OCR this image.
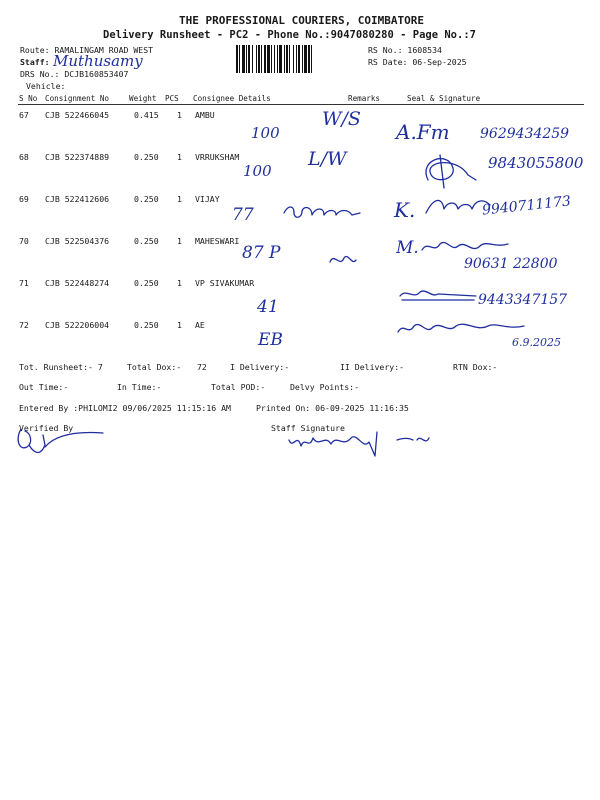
THE PROFESSIONAL COURIERS, COIMBATORE
Delivery Runsheet - PC2 - Phone No.:9047080280 - Page No.:7
Route: RAMALINGAM ROAD WEST
Staff: Muthusamy
DRS No.: DCJB160853407
Vehicle:
RS No.: 1608534
RS Date: 06-Sep-2025
S No Consignment No	Weight PCS Consignee Details	Remarks	Seal & Signature
67 CJB 522466045	0.415 1 AMBU
100
W/S
A.Fm 9629434259
68 CJB 522374889	0.250 1 VRRUKSHAM
100
L/W	9843055800
69 CJB 522412606	0.250 1 VIJAY
77	K.	9940711173
70 CJB 522504376	0.250 1 MAHESWARI
87 P	M.
90631 22800
71 CJB 522448274	0.250 1 VP SIVAKUMAR
41	9443347157
72 CJB 522206004	0.250 1 AE
EB	6.9.2025
Tot. Runsheet:- 7	Total Dox:- 72	I Delivery:-	II Delivery:-	RTN Dox:-
Out Time:-	In Time:-	Total POD:-	Delvy Points:-
Entered By :PHILOMI2 09/06/2025 11:15:16 AM	Printed On: 06-09-2025 11:16:35
Verified By	Staff Signature
